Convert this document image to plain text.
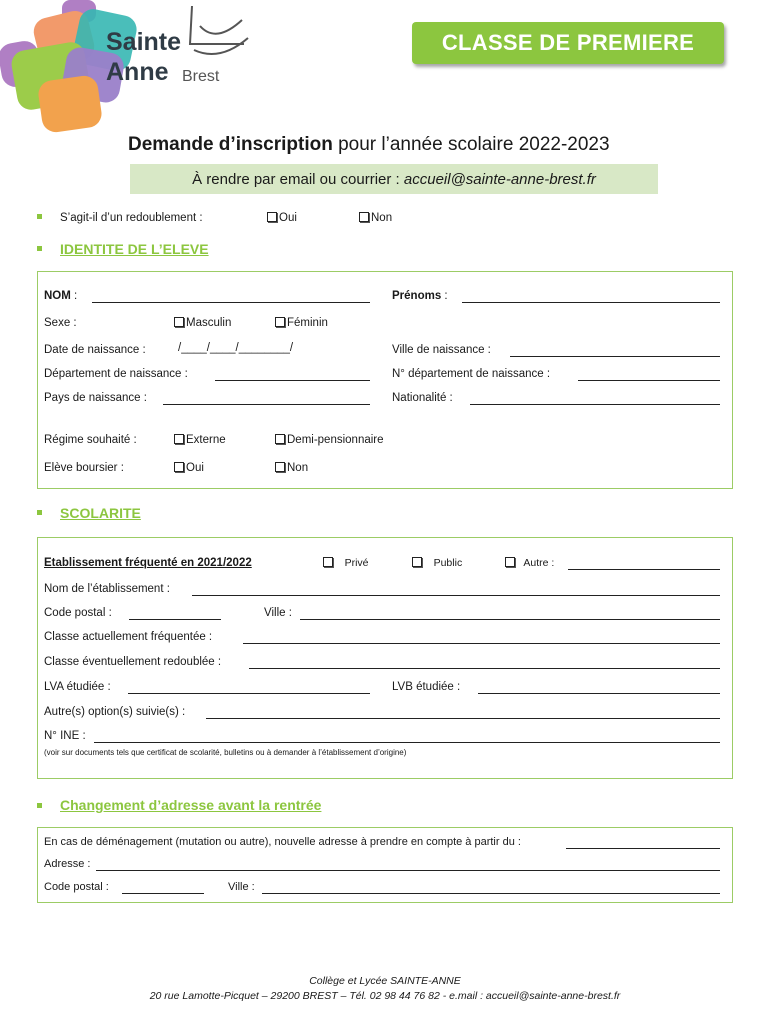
Sainte
Anne Brest
CLASSE DE PREMIERE
Demande d’inscription pour l’année scolaire 2022-2023
À rendre par email ou courrier :
accueil@sainte-anne-brest.fr
S’agit-il d’un redoublement :	Oui	Non
IDENTITE DE L’ELEVE
NOM :	Prénoms :
Sexe :	Masculin	Féminin
Date de naissance :	/____/____/________/	Ville de naissance :
Département de naissance :	N° département de naissance :
Pays de naissance :	Nationalité :
Régime souhaité :	Externe	Demi-pensionnaire
Elève boursier :	Oui	Non
SCOLARITE
Etablissement fréquenté en 2021/2022	Privé	Public	Autre :
Nom de l’établissement :
Code postal :	Ville :
Classe actuellement fréquentée :
Classe éventuellement redoublée :
LVA étudiée :	LVB étudiée :
Autre(s) option(s) suivie(s) :
N° INE :
(voir sur documents tels que certificat de scolarité, bulletins ou à demander à l’établissement d’origine)
Changement d’adresse avant la rentrée
En cas de déménagement (mutation ou autre), nouvelle adresse à prendre en compte à partir du :
Adresse :
Code postal :	Ville :
Collège et Lycée SAINTE-ANNE
20 rue Lamotte-Picquet – 29200 BREST – Tél. 02 98 44 76 82 - e.mail : accueil@sainte-anne-brest.fr
